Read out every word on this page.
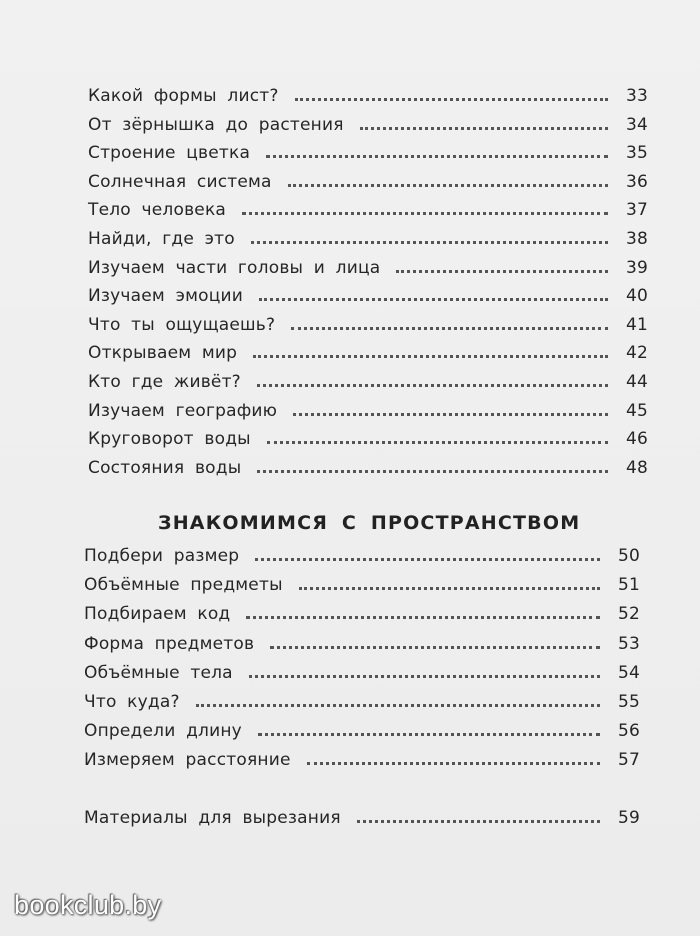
Какой формы лист?	33
От зёрнышка до растения	34
Строение цветка	35
Солнечная система	36
Тело человека	37
Найди, где это	38
Изучаем части головы и лица	39
Изучаем эмоции	40
Что ты ощущаешь?	41
Открываем мир	42
Кто где живёт?	44
Изучаем географию	45
Круговорот воды	46
Состояния воды	48
Подбери размер	50
Объёмные предметы	51
Подбираем код	52
Форма предметов	53
Объёмные тела	54
Что куда?	55
Определи длину	56
Измеряем расстояние	57
Материалы для вырезания	59
ЗНАКОМИМСЯ С ПРОСТРАНСТВОМ
bookclub.by
